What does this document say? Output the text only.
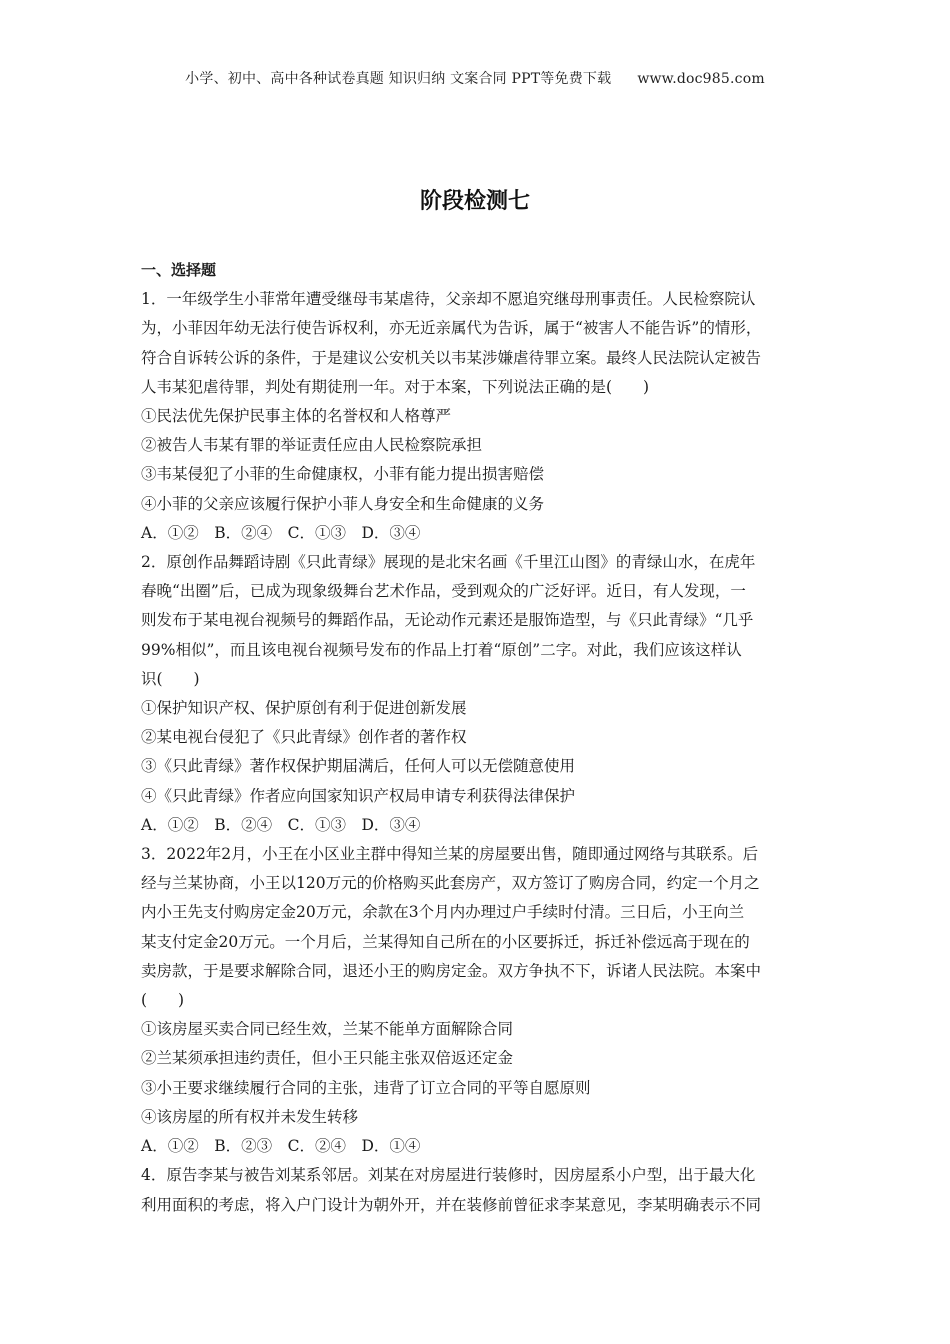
小学、初中、高中各种试卷真题 知识归纳 文案合同 PPT等免费下载 www.doc985.com
阶段检测七
一、选择题
1．一年级学生小菲常年遭受继母韦某虐待，父亲却不愿追究继母刑事责任。人民检察院认
为，小菲因年幼无法行使告诉权利，亦无近亲属代为告诉，属于“被害人不能告诉”的情形，
符合自诉转公诉的条件，于是建议公安机关以韦某涉嫌虐待罪立案。最终人民法院认定被告
人韦某犯虐待罪，判处有期徒刑一年。对于本案，下列说法正确的是(　　)
①民法优先保护民事主体的名誉权和人格尊严
②被告人韦某有罪的举证责任应由人民检察院承担
③韦某侵犯了小菲的生命健康权，小菲有能力提出损害赔偿
④小菲的父亲应该履行保护小菲人身安全和生命健康的义务
A．①②　B．②④　C．①③　D．③④
2．原创作品舞蹈诗剧《只此青绿》展现的是北宋名画《千里江山图》的青绿山水，在虎年
春晚“出圈”后，已成为现象级舞台艺术作品，受到观众的广泛好评。近日，有人发现，一
则发布于某电视台视频号的舞蹈作品，无论动作元素还是服饰造型，与《只此青绿》“几乎
99%相似”，而且该电视台视频号发布的作品上打着“原创”二字。对此，我们应该这样认
识(　　)
①保护知识产权、保护原创有利于促进创新发展
②某电视台侵犯了《只此青绿》创作者的著作权
③《只此青绿》著作权保护期届满后，任何人可以无偿随意使用
④《只此青绿》作者应向国家知识产权局申请专利获得法律保护
A．①②　B．②④　C．①③　D．③④
3．2022年2月，小王在小区业主群中得知兰某的房屋要出售，随即通过网络与其联系。后
经与兰某协商，小王以120万元的价格购买此套房产，双方签订了购房合同，约定一个月之
内小王先支付购房定金20万元，余款在3个月内办理过户手续时付清。三日后，小王向兰
某支付定金20万元。一个月后，兰某得知自己所在的小区要拆迁，拆迁补偿远高于现在的
卖房款，于是要求解除合同，退还小王的购房定金。双方争执不下，诉诸人民法院。本案中
(　　)
①该房屋买卖合同已经生效，兰某不能单方面解除合同
②兰某须承担违约责任，但小王只能主张双倍返还定金
③小王要求继续履行合同的主张，违背了订立合同的平等自愿原则
④该房屋的所有权并未发生转移
A．①②　B．②③　C．②④　D．①④
4．原告李某与被告刘某系邻居。刘某在对房屋进行装修时，因房屋系小户型，出于最大化
利用面积的考虑，将入户门设计为朝外开，并在装修前曾征求李某意见，李某明确表示不同
